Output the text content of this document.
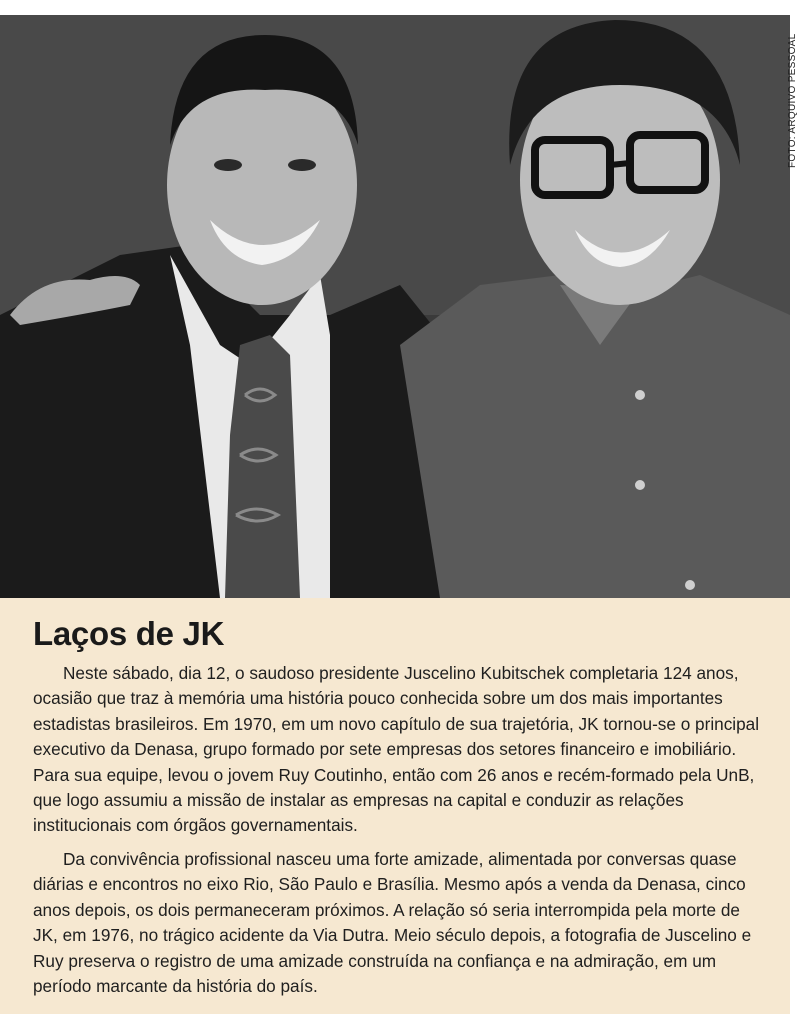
FOTO: ARQUIVO PESSOAL
Laços de JK

Neste sábado, dia 12, o saudoso presidente Juscelino Kubitschek completaria 124 anos, ocasião que traz à memória uma história pouco conhecida sobre um dos mais importantes estadistas brasileiros. Em 1970, em um novo capítulo de sua trajetória, JK tornou-se o principal executivo da Denasa, grupo formado por sete empresas dos setores financeiro e imobiliário. Para sua equipe, levou o jovem Ruy Coutinho, então com 26 anos e recém-formado pela UnB, que logo assumiu a missão de instalar as empresas na capital e conduzir as relações institucionais com órgãos governamentais.

Da convivência profissional nasceu uma forte amizade, alimentada por conversas quase diárias e encontros no eixo Rio, São Paulo e Brasília. Mesmo após a venda da Denasa, cinco anos depois, os dois permaneceram próximos. A relação só seria interrompida pela morte de JK, em 1976, no trágico acidente da Via Dutra. Meio século depois, a fotografia de Juscelino e Ruy preserva o registro de uma amizade construída na confiança e na admiração, em um período marcante da história do país.
